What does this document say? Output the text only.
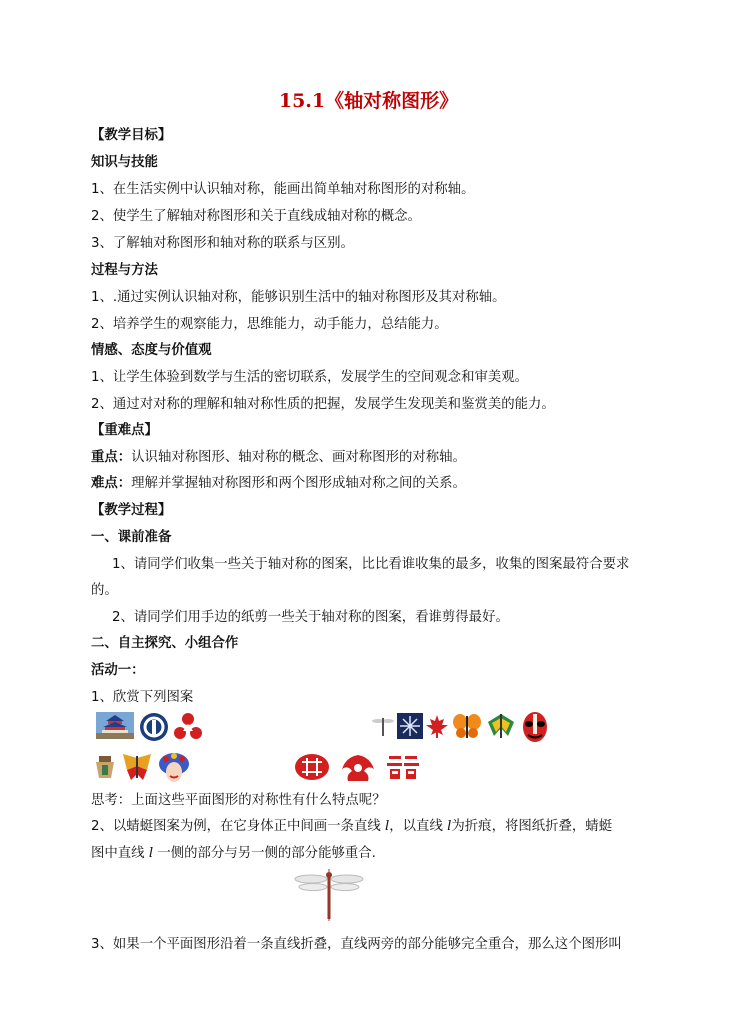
15.1《轴对称图形》
【教学目标】
知识与技能
1、在生活实例中认识轴对称，能画出简单轴对称图形的对称轴。
2、使学生了解轴对称图形和关于直线成轴对称的概念。
3、了解轴对称图形和轴对称的联系与区别。
过程与方法
1、.通过实例认识轴对称，能够识别生活中的轴对称图形及其对称轴。
2、培养学生的观察能力，思维能力，动手能力，总结能力。
情感、态度与价值观
1、让学生体验到数学与生活的密切联系，发展学生的空间观念和审美观。
2、通过对对称的理解和轴对称性质的把握，发展学生发现美和鉴赏美的能力。
【重难点】
重点：认识轴对称图形、轴对称的概念、画对称图形的对称轴。
难点：理解并掌握轴对称图形和两个图形成轴对称之间的关系。
【教学过程】
一、课前准备
1、请同学们收集一些关于轴对称的图案，比比看谁收集的最多，收集的图案最符合要求
的。
2、请同学们用手边的纸剪一些关于轴对称的图案，看谁剪得最好。
二、自主探究、小组合作
活动一：
1、欣赏下列图案
思考：上面这些平面图形的对称性有什么特点呢？
2、以蜻蜓图案为例，在它身体正中间画一条直线 l，以直线 l为折痕，将图纸折叠，蜻蜓
图中直线 l 一侧的部分与另一侧的部分能够重合.
3、如果一个平面图形沿着一条直线折叠，直线两旁的部分能够完全重合，那么这个图形叫
